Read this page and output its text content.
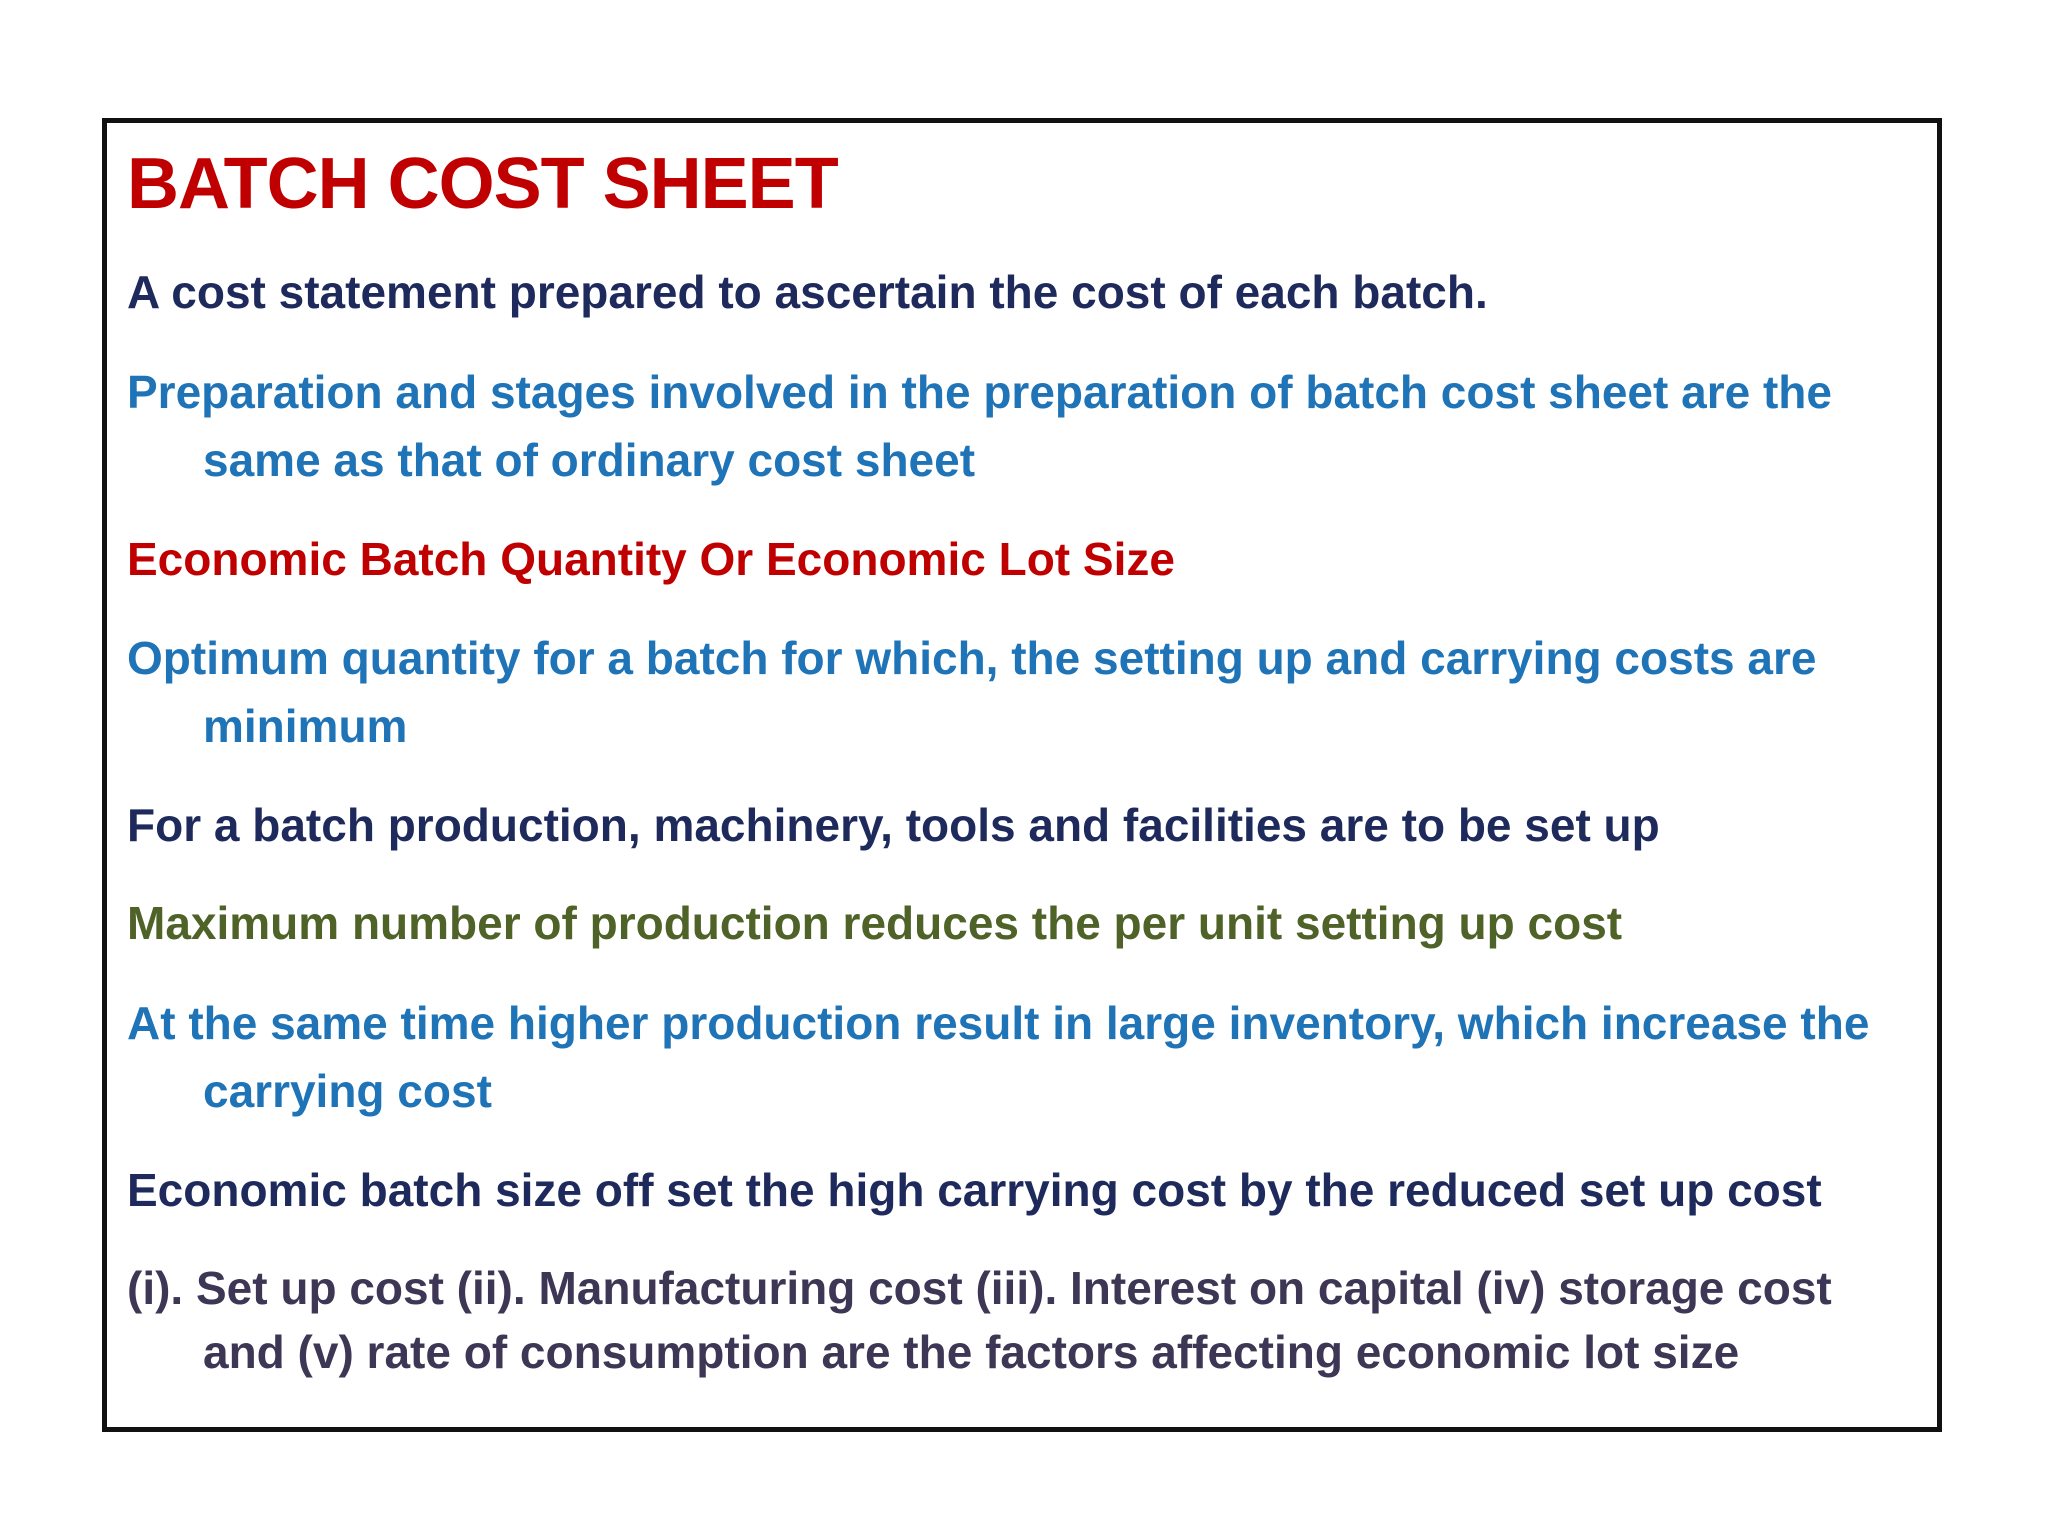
BATCH COST SHEET

A cost statement prepared to ascertain the cost of each batch.

Preparation and stages involved in the preparation of batch cost sheet are the same as that of ordinary cost sheet

Economic Batch Quantity Or Economic Lot Size

Optimum quantity for a batch for which, the setting up and carrying costs are minimum

For a batch production, machinery, tools and facilities are to be set up

Maximum number of production reduces the per unit setting up cost

At the same time higher production result in large inventory, which increase the carrying cost

Economic batch size off set the high carrying cost by the reduced set up cost

(i). Set up cost (ii). Manufacturing cost (iii). Interest on capital (iv) storage cost and (v) rate of consumption are the factors affecting economic lot size
